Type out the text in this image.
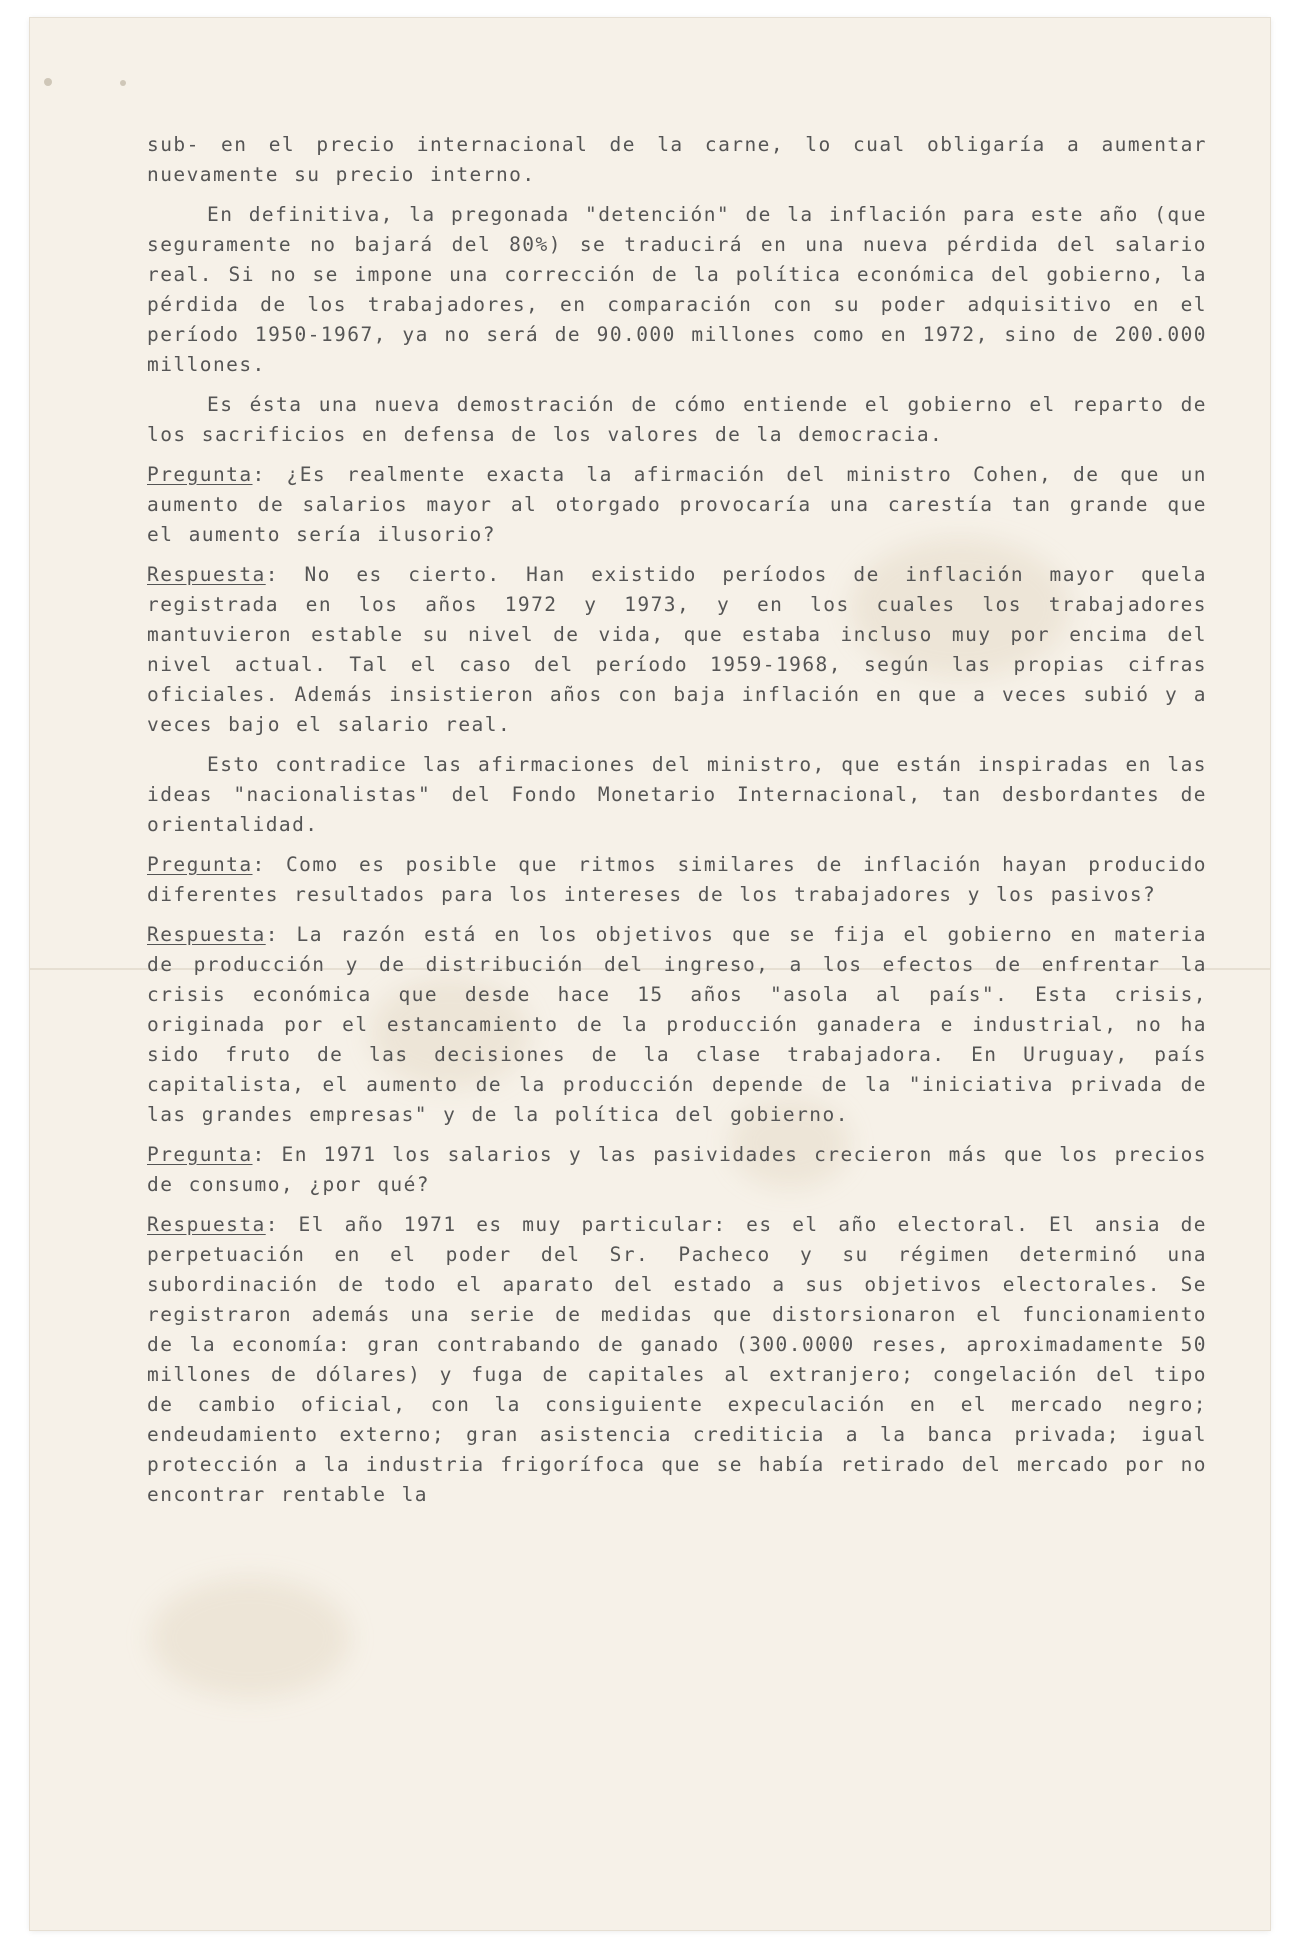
sub- en el precio internacional de la carne, lo cual obligaría a aumentar nuevamente su precio interno.

En definitiva, la pregonada "detención" de la inflación para este año (que seguramente no bajará del 80%) se traducirá en una nueva pérdida del salario real. Si no se impone una corrección de la política económica del gobierno, la pérdida de los trabajadores, en comparación con su poder adquisitivo en el período 1950-1967, ya no será de 90.000 millones como en 1972, sino de 200.000 millones.

Es ésta una nueva demostración de cómo entiende el gobierno el reparto de los sacrificios en defensa de los valores de la democracia.

Pregunta: ¿Es realmente exacta la afirmación del ministro Cohen, de que un aumento de salarios mayor al otorgado provocaría una carestía tan grande que el aumento sería ilusorio?

Respuesta: No es cierto. Han existido períodos de inflación mayor quela registrada en los años 1972 y 1973, y en los cuales los trabajadores mantuvieron estable su nivel de vida, que estaba incluso muy por encima del nivel actual. Tal el caso del período 1959-1968, según las propias cifras oficiales. Además insistieron años con baja inflación en que a veces subió y a veces bajo el salario real.

Esto contradice las afirmaciones del ministro, que están inspiradas en las ideas "nacionalistas" del Fondo Monetario Internacional, tan desbordantes de orientalidad.

Pregunta: Como es posible que ritmos similares de inflación hayan producido diferentes resultados para los intereses de los trabajadores y los pasivos?

Respuesta: La razón está en los objetivos que se fija el gobierno en materia de producción y de distribución del ingreso, a los efectos de enfrentar la crisis económica que desde hace 15 años "asola al país". Esta crisis, originada por el estancamiento de la producción ganadera e industrial, no ha sido fruto de las decisiones de la clase trabajadora. En Uruguay, país capitalista, el aumento de la producción depende de la "iniciativa privada de las grandes empresas" y de la política del gobierno.

Pregunta: En 1971 los salarios y las pasividades crecieron más que los precios de consumo, ¿por qué?

Respuesta: El año 1971 es muy particular: es el año electoral. El ansia de perpetuación en el poder del Sr. Pacheco y su régimen determinó una subordinación de todo el aparato del estado a sus objetivos electorales. Se registraron además una serie de medidas que distorsionaron el funcionamiento de la economía: gran contrabando de ganado (300.0000 reses, aproximadamente 50 millones de dólares) y fuga de capitales al extranjero; congelación del tipo de cambio oficial, con la consiguiente expeculación en el mercado negro; endeudamiento externo; gran asistencia crediticia a la banca privada; igual protección a la industria frigorífoca que se había retirado del mercado por no encontrar rentable la
